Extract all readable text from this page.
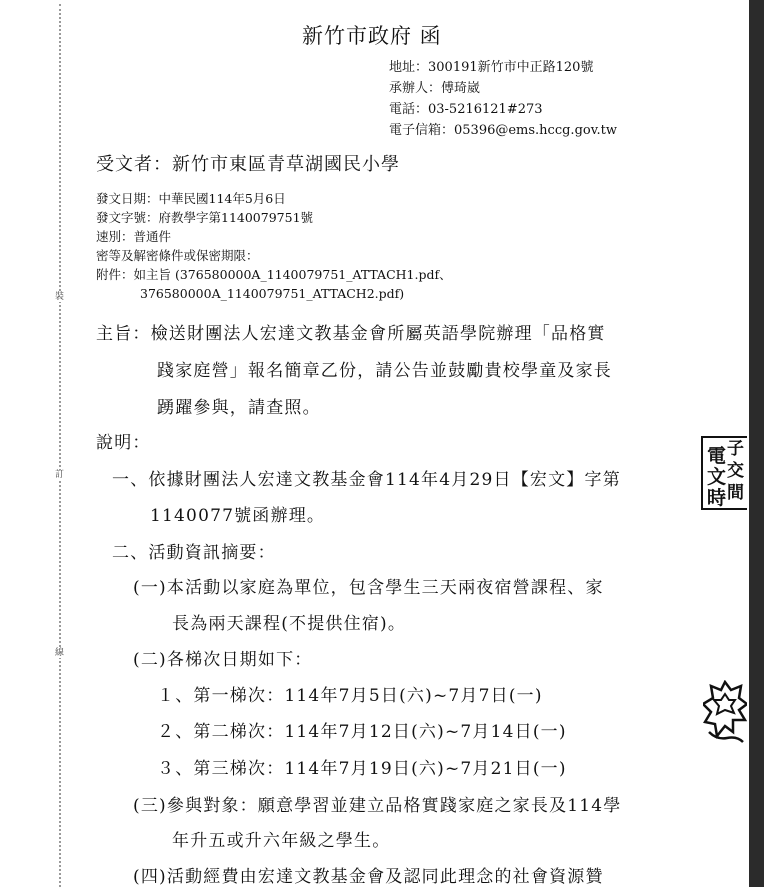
裝
訂
線
新竹市政府 函
地址：300191新竹市中正路120號
承辦人：傅琦崴
電話：03-5216121#273
電子信箱：05396@ems.hccg.gov.tw
受文者：新竹市東區青草湖國民小學
發文日期：中華民國114年5月6日
發文字號：府教學字第1140079751號
速別：普通件
密等及解密條件或保密期限：
附件：如主旨 (376580000A_1140079751_ATTACH1.pdf、
376580000A_1140079751_ATTACH2.pdf)
主旨：檢送財團法人宏達文教基金會所屬英語學院辦理「品格實
踐家庭營」報名簡章乙份，請公告並鼓勵貴校學童及家長
踴躍參與，請查照。
說明：
一、依據財團法人宏達文教基金會114年4月29日【宏文】字第
1140077號函辦理。
二、活動資訊摘要：
(一)本活動以家庭為單位，包含學生三天兩夜宿營課程、家
長為兩天課程(不提供住宿)。
(二)各梯次日期如下：
１、第一梯次：114年7月5日(六)~7月7日(一)
２、第二梯次：114年7月12日(六)~7月14日(一)
３、第三梯次：114年7月19日(六)~7月21日(一)
(三)參與對象：願意學習並建立品格實踐家庭之家長及114學
年升五或升六年級之學生。
(四)活動經費由宏達文教基金會及認同此理念的社會資源贊
電 子
文 交
時 間
